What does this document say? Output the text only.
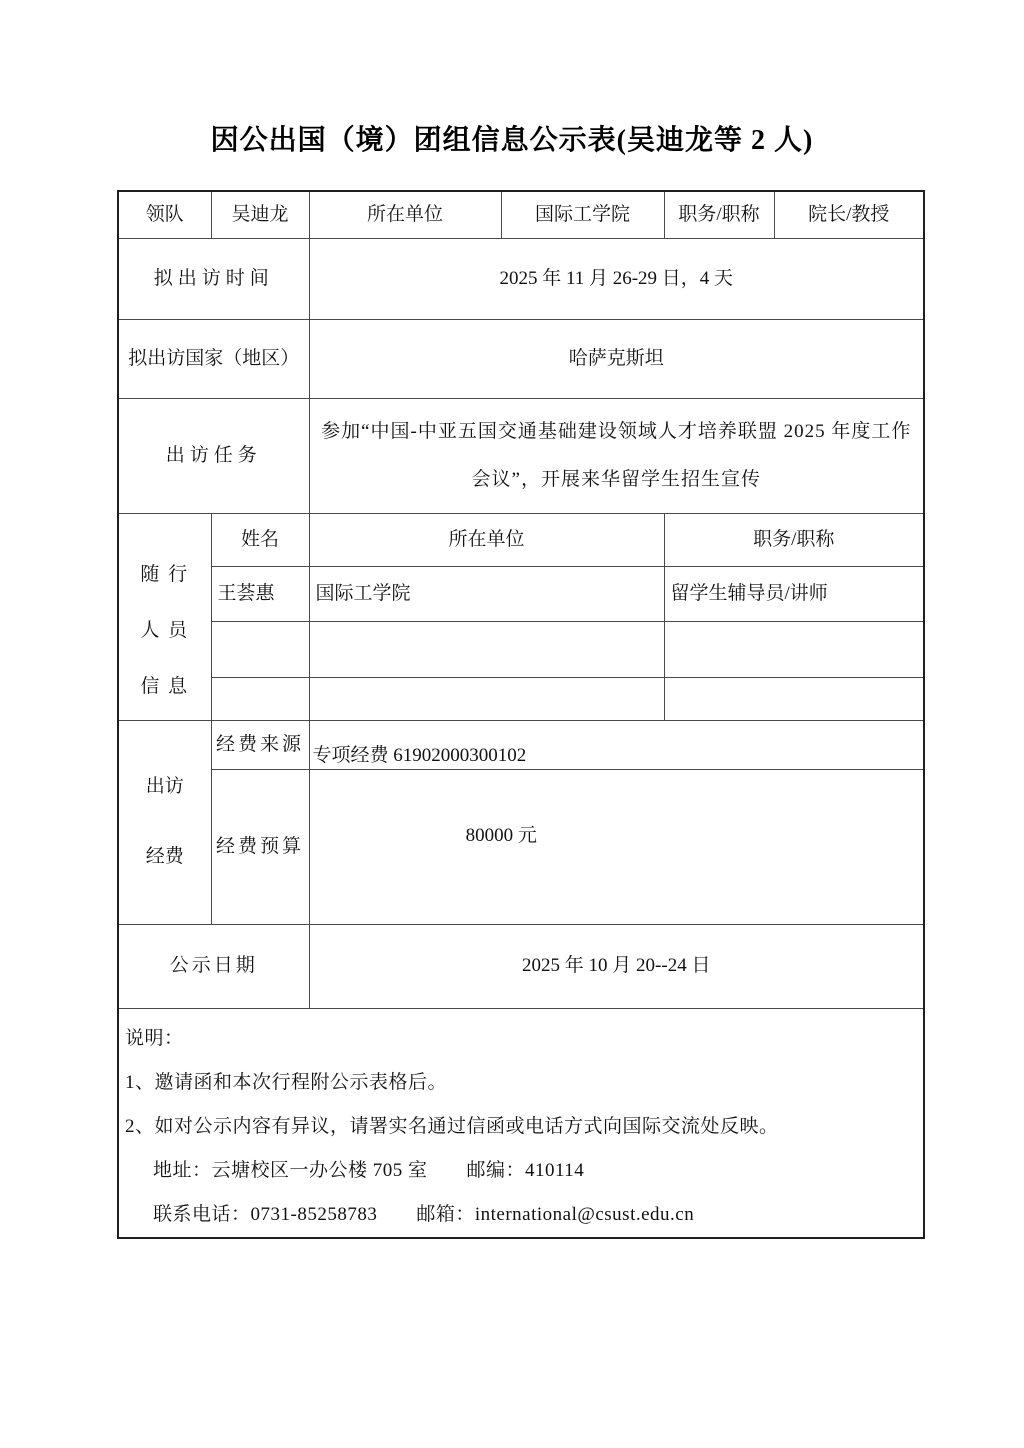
因公出国（境）团组信息公示表(吴迪龙等 2 人)
领队	吴迪龙	所在单位	国际工学院	职务/职称	院长/教授
拟出访时间		2025 年 11 月 26-29 日，4 天			
拟出访国家（地区）		哈萨克斯坦			
出访任务		参加“中国-中亚五国交通基础建设领域人才培养联盟 2025 年度工作
会议”，开展来华留学生招生宣传			

随 行
人 员
信 息	姓名	所在单位		职务/职称	
	王荟惠	国际工学院		留学生辅导员/讲师	

出访
经费	经费来源	专项经费 61902000300102			
	经费预算	80000 元			
公示日期		2025 年 10 月 20--24 日			

说明：
1、邀请函和本次行程附公示表格后。
2、如对公示内容有异议，请署实名通过信函或电话方式向国际交流处反映。
地址：云塘校区一办公楼 705 室　　邮编：410114
联系电话：0731-85258783　　邮箱：international@csust.edu.cn					
